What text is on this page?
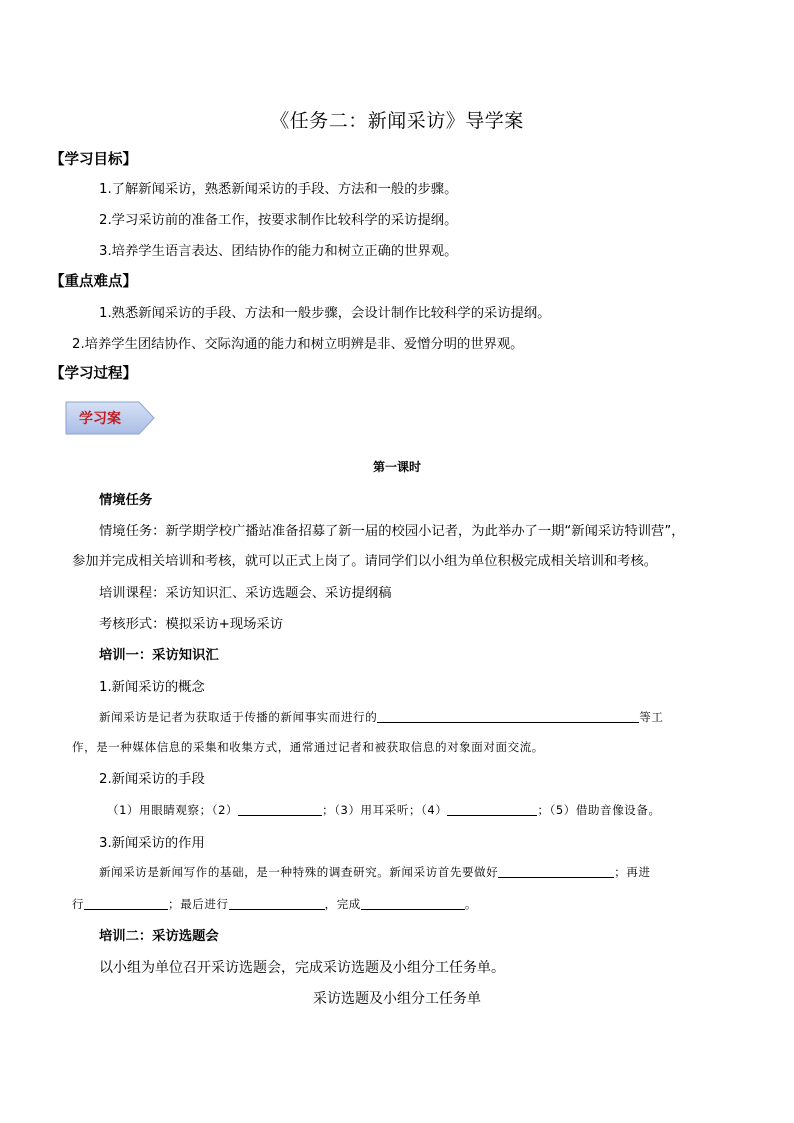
《任务二：新闻采访》导学案
【学习目标】
1.了解新闻采访，熟悉新闻采访的手段、方法和一般的步骤。
2.学习采访前的准备工作，按要求制作比较科学的采访提纲。
3.培养学生语言表达、团结协作的能力和树立正确的世界观。
【重点难点】
1.熟悉新闻采访的手段、方法和一般步骤，会设计制作比较科学的采访提纲。
2.培养学生团结协作、交际沟通的能力和树立明辨是非、爱憎分明的世界观。
【学习过程】
学习案
第一课时
情境任务
情境任务：新学期学校广播站准备招募了新一届的校园小记者，为此举办了一期“新闻采访特训营”，
参加并完成相关培训和考核，就可以正式上岗了。请同学们以小组为单位积极完成相关培训和考核。
培训课程：采访知识汇、采访选题会、采访提纲稿
考核形式：模拟采访+现场采访
培训一：采访知识汇
1.新闻采访的概念
新闻采访是记者为获取适于传播的新闻事实而进行的	等工
作，是一种媒体信息的采集和收集方式，通常通过记者和被获取信息的对象面对面交流。
2.新闻采访的手段
（1）用眼睛观察；（2）	；（3）用耳采听；（4）	；（5）借助音像设备。
3.新闻采访的作用
新闻采访是新闻写作的基础，是一种特殊的调查研究。新闻采访首先要做好	；再进
行	；最后进行	，完成	。
培训二：采访选题会
以小组为单位召开采访选题会，完成采访选题及小组分工任务单。
采访选题及小组分工任务单
